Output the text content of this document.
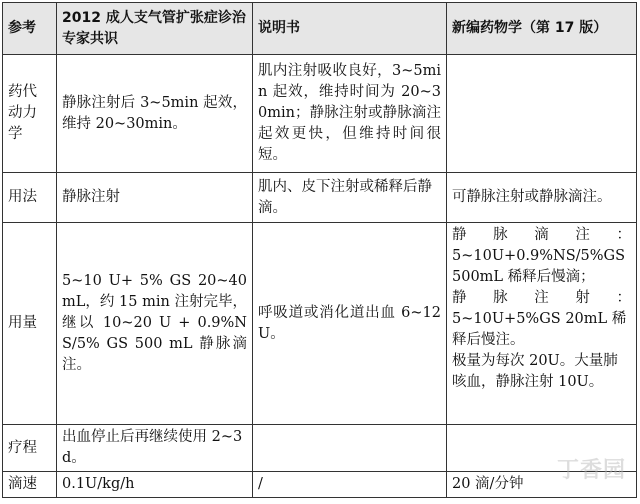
参考	2012 成人支气管扩张症诊治专家共识	说明书	新编药物学（第 17 版）
药代动力学	静脉注射后 3~5min 起效，维持 20~30min。	肌内注射吸收良好，3~5min 起效，维持时间为 20~30min；静脉注射或静脉滴注起效更快，但维持时间很短。	

用法	静脉注射	肌内、皮下注射或稀释后静滴。	可静脉注射或静脉滴注。
用量	5~10 U+ 5% GS 20~40 mL，约 15 min 注射完毕，继以 10~20 U + 0.9%NS/5% GS 500 mL 静脉滴注。	呼吸道或消化道出血 6~12U。	静脉滴注：
5~10U+0.9%NS/5%GS 500mL 稀释后慢滴；
静脉注射：
5~10U+5%GS 20mL 稀释后慢注。
极量为每次 20U。大量肺咳血，静脉注射 10U。

疗程	出血停止后再继续使用 2~3d。		
滴速	0.1U/kg/h	/	20 滴/分钟
丁香园
